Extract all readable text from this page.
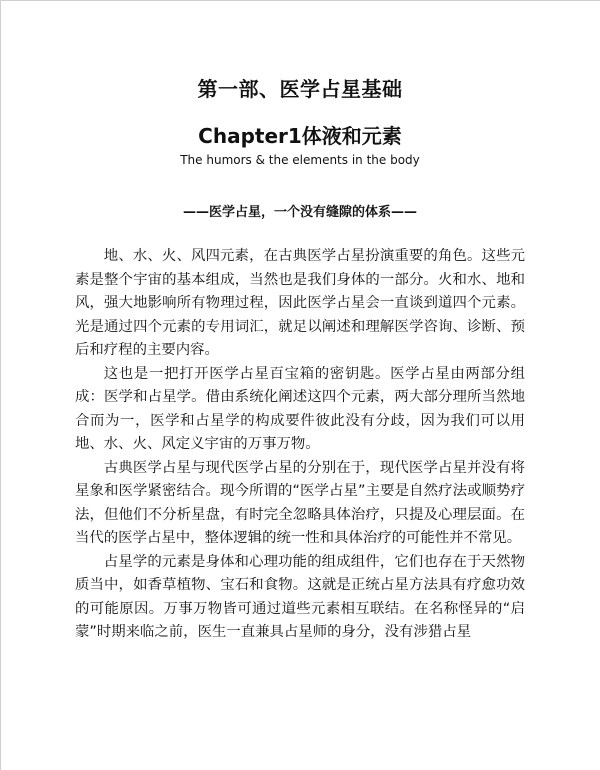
第一部、医学占星基础
Chapter1体液和元素
The humors & the elements in the body
——医学占星，一个没有缝隙的体系——

地、水、火、风四元素，在古典医学占星扮演重要的角色。这些元素是整个宇宙的基本组成，当然也是我们身体的一部分。火和水、地和风，强大地影响所有物理过程，因此医学占星会一直谈到道四个元素。光是通过四个元素的专用词汇，就足以阐述和理解医学咨询、诊断、预后和疗程的主要内容。

这也是一把打开医学占星百宝箱的密钥匙。医学占星由两部分组成：医学和占星学。借由系统化阐述这四个元素，两大部分理所当然地合而为一，医学和占星学的构成要件彼此没有分歧，因为我们可以用地、水、火、风定义宇宙的万事万物。

古典医学占星与现代医学占星的分别在于，现代医学占星并没有将星象和医学紧密结合。现今所谓的“医学占星”主要是自然疗法或顺势疗法，但他们不分析星盘，有时完全忽略具体治疗，只提及心理层面。在当代的医学占星中，整体逻辑的统一性和具体治疗的可能性并不常见。

占星学的元素是身体和心理功能的组成组件，它们也存在于天然物质当中，如香草植物、宝石和食物。这就是正统占星方法具有疗愈功效的可能原因。万事万物皆可通过道些元素相互联结。在名称怪异的“启蒙”时期来临之前，医生一直兼具占星师的身分，没有涉猎占星
